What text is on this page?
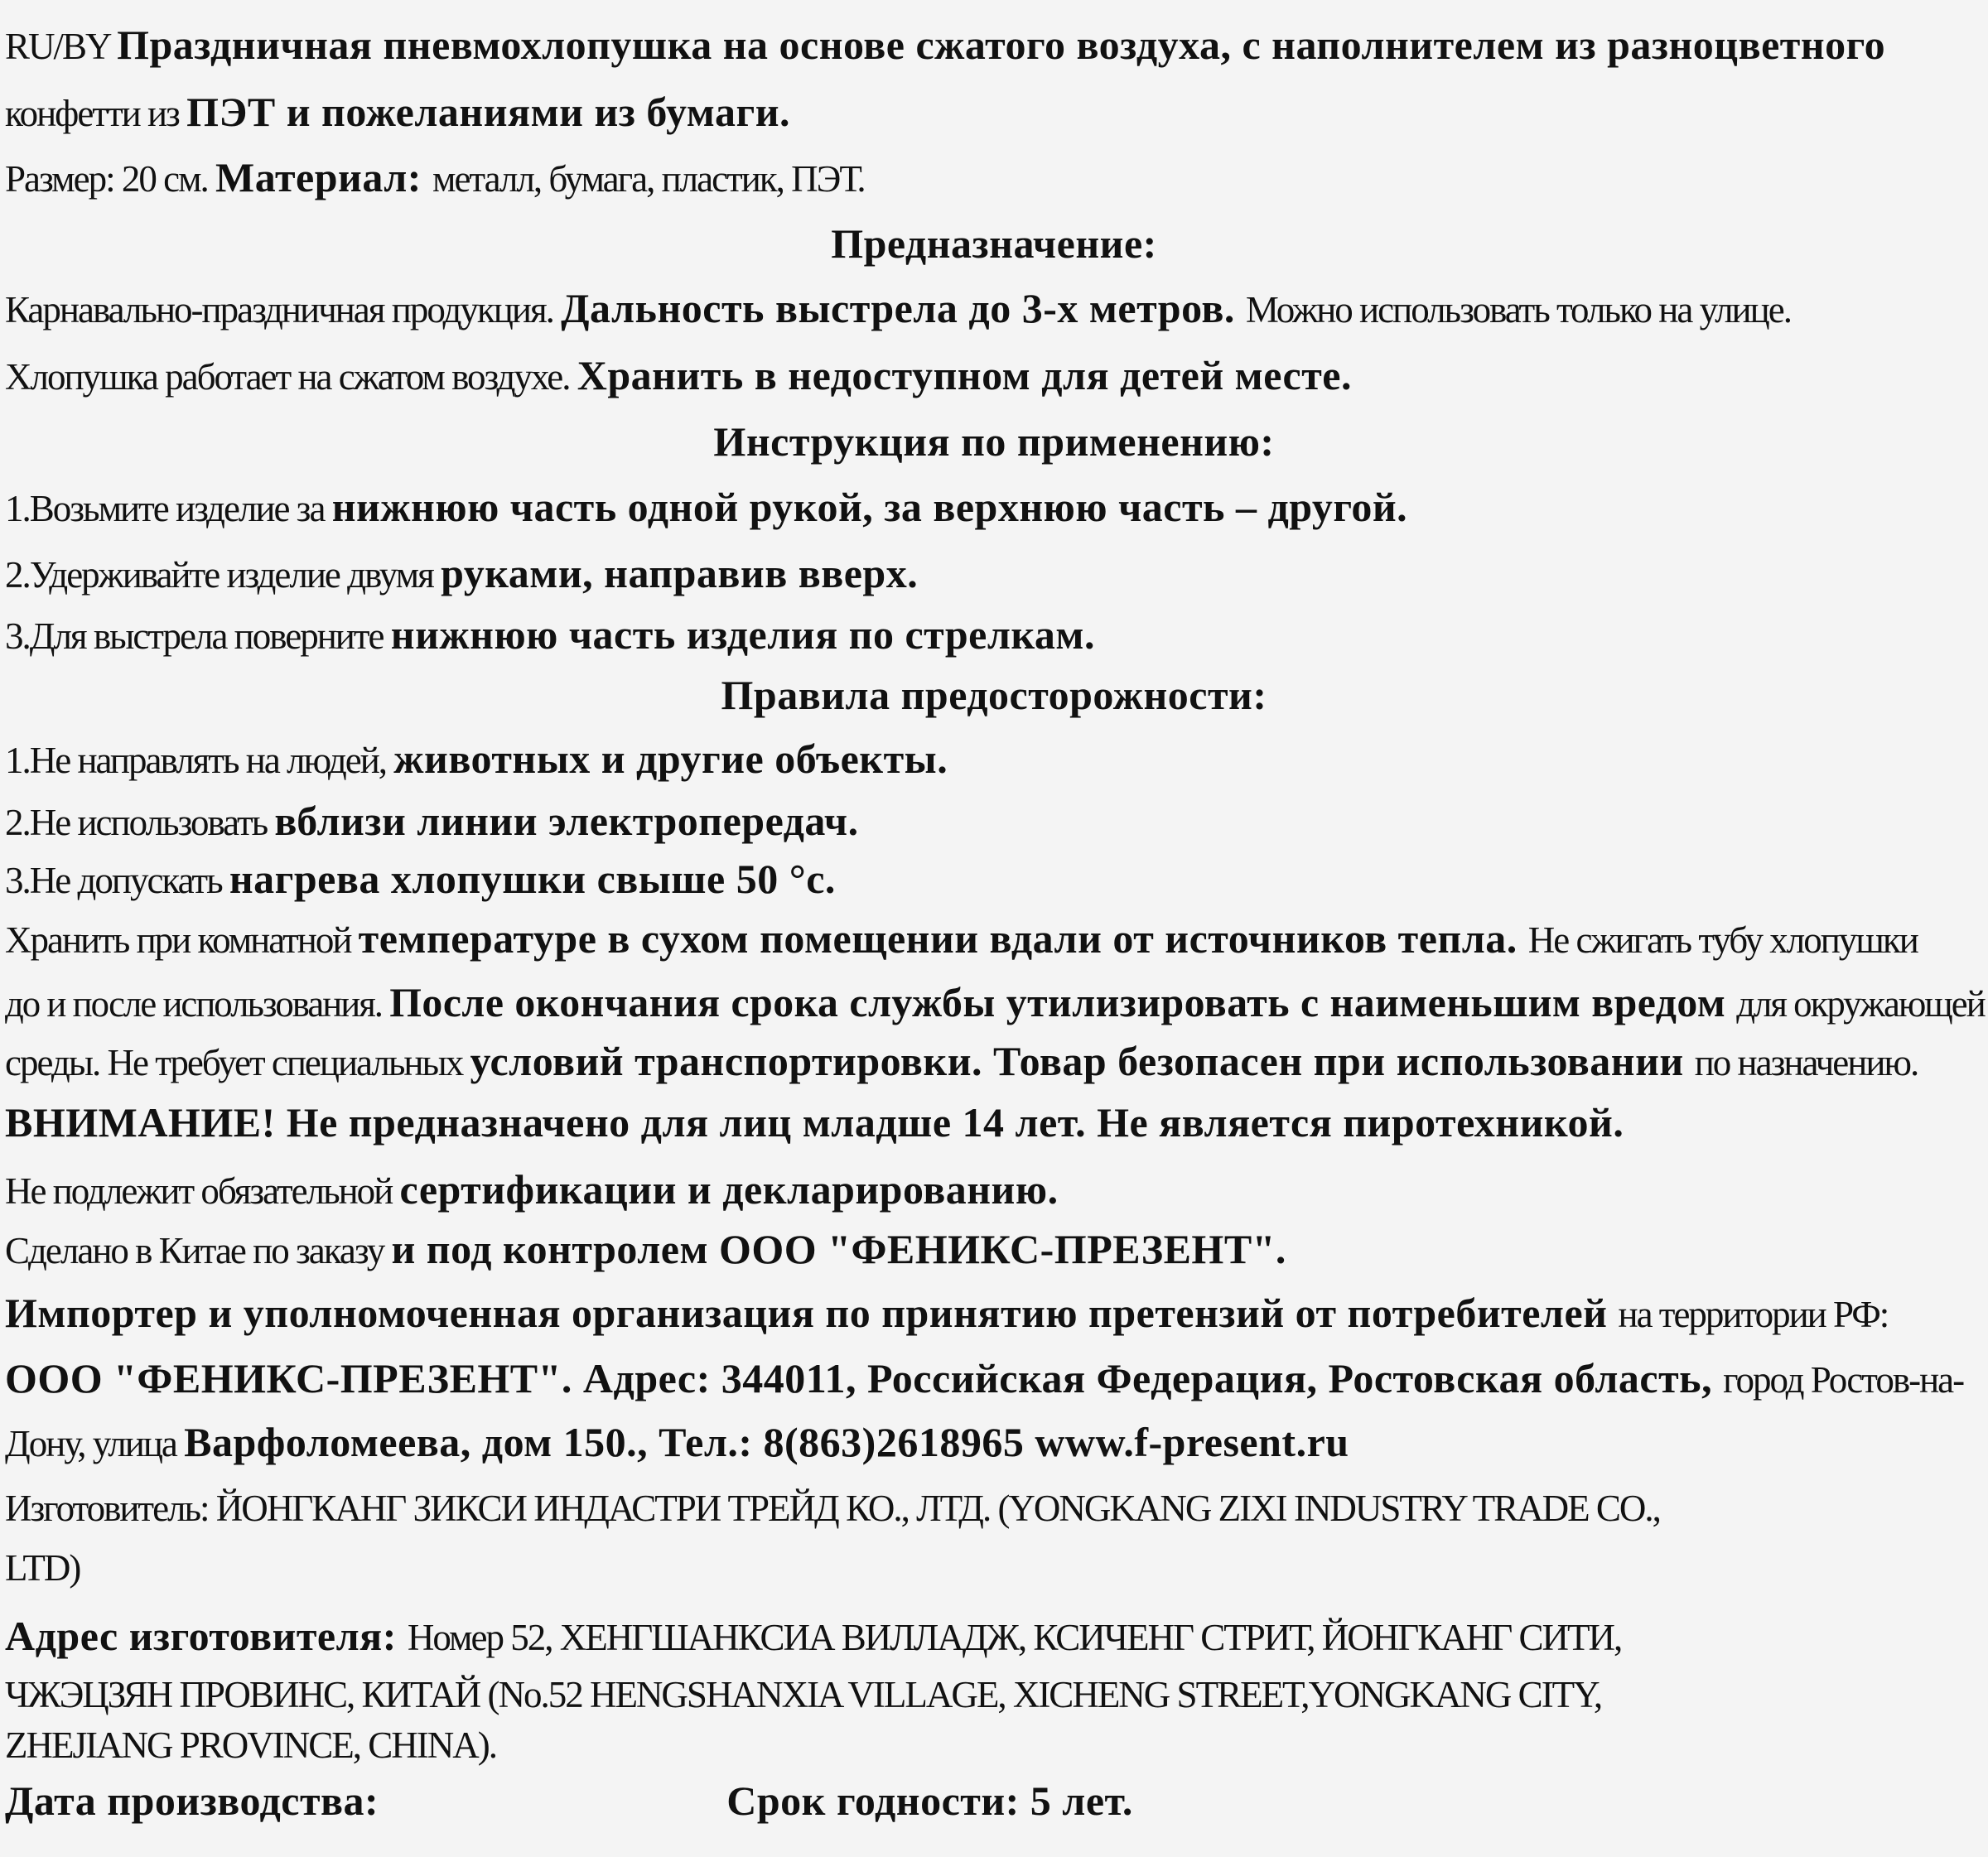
RU/BY Праздничная пневмохлопушка на основе сжатого воздуха, с наполнителем из разноцветного
конфетти из ПЭТ и пожеланиями из бумаги.
Размер: 20 см. Материал: металл, бумага, пластик, ПЭТ.
Предназначение:
Карнавально-праздничная продукция. Дальность выстрела до 3-х метров. Можно использовать только на улице.
Хлопушка работает на сжатом воздухе. Хранить в недоступном для детей месте.
Инструкция по применению:
1.Возьмите изделие за нижнюю часть одной рукой, за верхнюю часть – другой.
2.Удерживайте изделие двумя руками, направив вверх.
3.Для выстрела поверните нижнюю часть изделия по стрелкам.
Правила предосторожности:
1.Не направлять на людей, животных и другие объекты.
2.Не использовать вблизи линии электропередач.
3.Не допускать нагрева хлопушки свыше 50 °с.
Хранить при комнатной температуре в сухом помещении вдали от источников тепла. Не сжигать тубу хлопушки
до и после использования. После окончания срока службы утилизировать с наименьшим вредом для окружающей
среды. Не требует специальных условий транспортировки. Товар безопасен при использовании по назначению.
ВНИМАНИЕ! Не предназначено для лиц младше 14 лет. Не является пиротехникой.
Не подлежит обязательной сертификации и декларированию.
Сделано в Китае по заказу и под контролем ООО "ФЕНИКС-ПРЕЗЕНТ".
Импортер и уполномоченная организация по принятию претензий от потребителей на территории РФ:
ООО "ФЕНИКС-ПРЕЗЕНТ". Адрес: 344011, Российская Федерация, Ростовская область, город Ростов-на-
Дону, улица Варфоломеева, дом 150., Тел.: 8(863)2618965 www.f-present.ru
Изготовитель: ЙОНГКАНГ ЗИКСИ ИНДАСТРИ ТРЕЙД КО., ЛТД. (YONGKANG ZIXI INDUSTRY TRADE CO.,
LTD)
Адрес изготовителя: Номер 52, ХЕНГШАНКСИА ВИЛЛАДЖ, КСИЧЕНГ СТРИТ, ЙОНГКАНГ СИТИ,
ЧЖЭЦЗЯН ПРОВИНС, КИТАЙ (No.52 HENGSHANXIA VILLAGE, XICHENG STREET,YONGKANG CITY,
ZHEJIANG PROVINCE, CHINA).
Дата производства:	Срок годности: 5 лет.
